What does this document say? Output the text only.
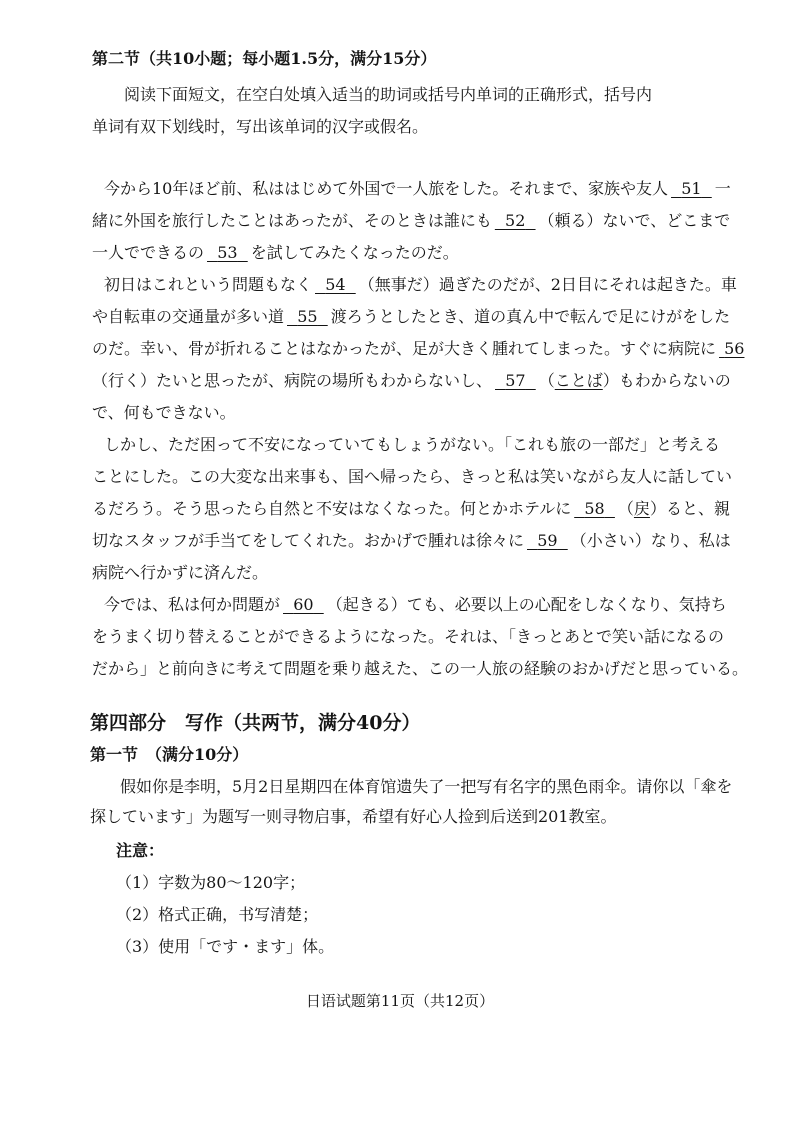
第二节（共10小题；每小题1.5分，满分15分）
阅读下面短文，在空白处填入适当的助词或括号内单词的正确形式，括号内
单词有双下划线时，写出该单词的汉字或假名。
今から10年ほど前、私ははじめて外国で一人旅をした。それまで、家族や友人 51 一
緒に外国を旅行したことはあったが、そのときは誰にも 52 （頼る）ないで、どこまで
一人でできるの 53 を試してみたくなったのだ。
初日はこれという問題もなく 54 （無事だ）過ぎたのだが、2日目にそれは起きた。車
や自転車の交通量が多い道 55 渡ろうとしたとき、道の真ん中で転んで足にけがをした
のだ。幸い、骨が折れることはなかったが、足が大きく腫れてしまった。すぐに病院に 56
（行く）たいと思ったが、病院の場所もわからないし、 57 （ことば）もわからないの
で、何もできない。
しかし、ただ困って不安になっていてもしょうがない。「これも旅の一部だ」と考える
ことにした。この大変な出来事も、国へ帰ったら、きっと私は笑いながら友人に話してい
るだろう。そう思ったら自然と不安はなくなった。何とかホテルに 58 （戻）ると、親
切なスタッフが手当てをしてくれた。おかげで腫れは徐々に 59 （小さい）なり、私は
病院へ行かずに済んだ。
今では、私は何か問題が 60 （起きる）ても、必要以上の心配をしなくなり、気持ち
をうまく切り替えることができるようになった。それは、「きっとあとで笑い話になるの
だから」と前向きに考えて問題を乗り越えた、この一人旅の経験のおかげだと思っている。
第四部分　写作（共两节，满分40分）
第一节　（满分10分）
假如你是李明，5月2日星期四在体育馆遗失了一把写有名字的黑色雨伞。请你以「傘を
探しています」为题写一则寻物启事，希望有好心人捡到后送到201教室。
注意：
（1）字数为80～120字；
（2）格式正确，书写清楚；
（3）使用「です・ます」体。
日语试题第11页（共12页）
